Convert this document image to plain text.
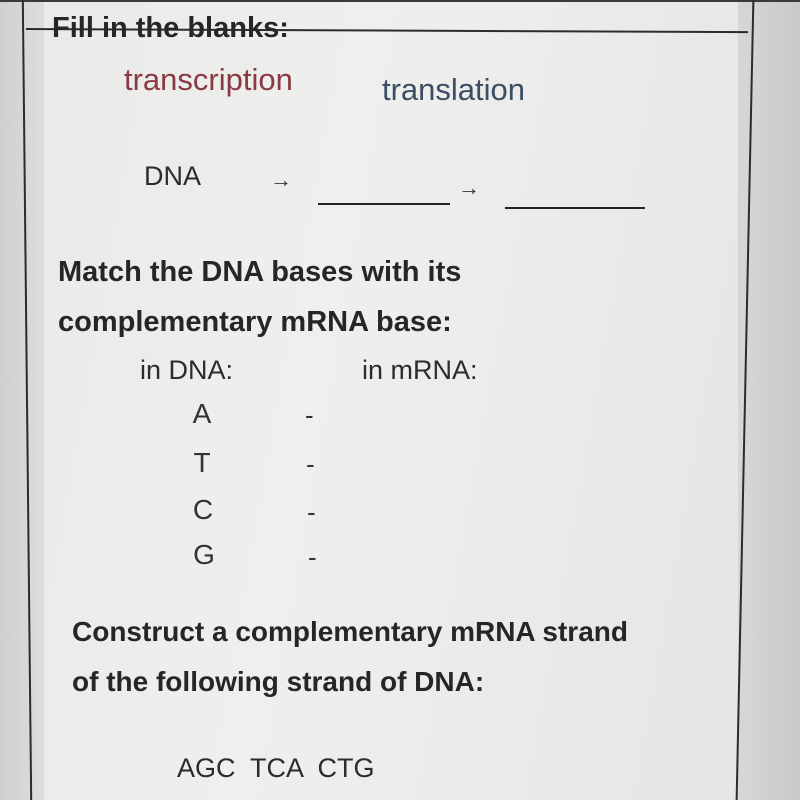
Fill in the blanks:
transcription	translation
DNA	→	→
Match the DNA bases with its
complementary mRNA base:
in DNA:	in mRNA:
A	-
T	-
C	-
G	-
Construct a complementary mRNA strand
of the following strand of DNA:
AGC  TCA  CTG
